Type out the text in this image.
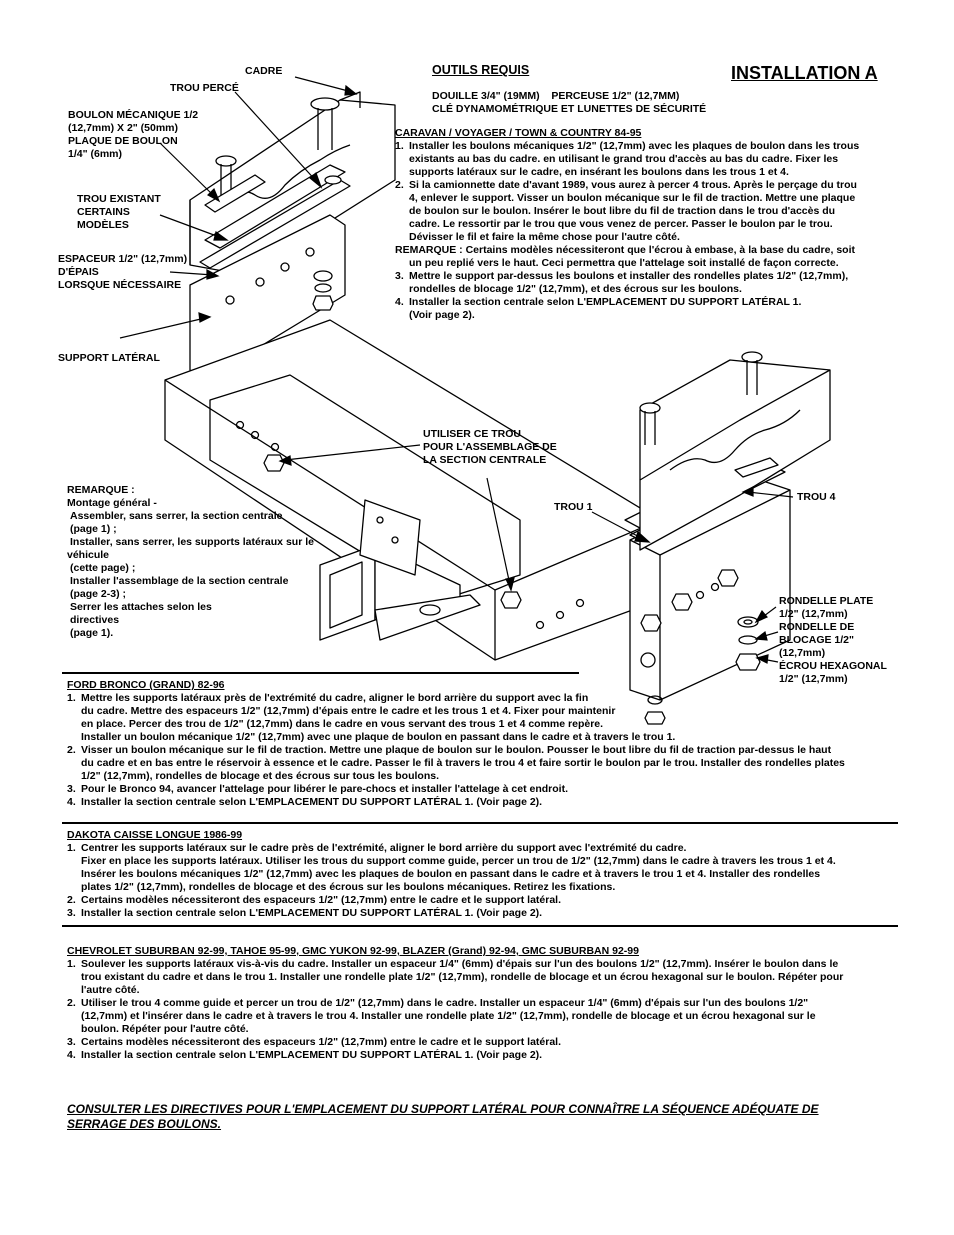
CADRE
TROU PERCÉ
BOULON MÉCANIQUE 1/2
(12,7mm) X 2" (50mm)
PLAQUE DE BOULON
1/4" (6mm)
TROU EXISTANT
CERTAINS
MODÈLES
ESPACEUR 1/2" (12,7mm)
D'ÉPAIS
LORSQUE NÉCESSAIRE
SUPPORT LATÉRAL
UTILISER CE TROU
POUR L'ASSEMBLAGE DE
LA SECTION CENTRALE
TROU 1
TROU 4
RONDELLE PLATE
1/2" (12,7mm)
RONDELLE DE
BLOCAGE 1/2"
(12,7mm)
ÉCROU HEXAGONAL
1/2" (12,7mm)
OUTILS REQUIS	INSTALLATION A
DOUILLE 3/4" (19MM)    PERCEUSE 1/2" (12,7MM)
CLÉ DYNAMOMÉTRIQUE ET LUNETTES DE SÉCURITÉ
CARAVAN / VOYAGER / TOWN & COUNTRY 84-95
1. Installer les boulons mécaniques 1/2" (12,7mm) avec les plaques de boulon dans les trous
existants au bas du cadre. en utilisant le grand trou d'accès au bas du cadre. Fixer les
supports latéraux sur le cadre, en insérant les boulons dans les trous 1 et 4.
2. Si la camionnette date d'avant 1989, vous aurez à percer 4 trous. Après le perçage du trou
4, enlever le support. Visser un boulon mécanique sur le fil de traction. Mettre une plaque
de boulon sur le boulon. Insérer le bout libre du fil de traction dans le trou d'accès du
cadre. Le ressortir par le trou que vous venez de percer. Passer le boulon par le trou.
Dévisser le fil et faire la même chose pour l'autre côté.
REMARQUE : Certains modèles nécessiteront que l'écrou à embase, à la base du cadre, soit
un peu replié vers le haut. Ceci permettra que l'attelage soit installé de façon correcte.
3. Mettre le support par-dessus les boulons et installer des rondelles plates 1/2" (12,7mm),
rondelles de blocage 1/2" (12,7mm), et des écrous sur les boulons.
4. Installer la section centrale selon L'EMPLACEMENT DU SUPPORT LATÉRAL 1.
(Voir page 2).
REMARQUE :
Montage général -
Assembler, sans serrer, la section centrale
(page 1) ;
Installer, sans serrer, les supports latéraux sur le
véhicule
(cette page) ;
Installer l'assemblage de la section centrale
(page 2-3) ;
Serrer les attaches selon les
directives
(page 1).
FORD BRONCO (GRAND) 82-96
1. Mettre les supports latéraux près de l'extrémité du cadre, aligner le bord arrière du support avec la fin
du cadre. Mettre des espaceurs 1/2" (12,7mm) d'épais entre le cadre et les trous 1 et 4. Fixer pour maintenir
en place. Percer des trou de 1/2" (12,7mm) dans le cadre en vous servant des trous 1 et 4 comme repère.
Installer un boulon mécanique 1/2" (12,7mm) avec une plaque de boulon en passant dans le cadre et à travers le trou 1.
2. Visser un boulon mécanique sur le fil de traction. Mettre une plaque de boulon sur le boulon. Pousser le bout libre du fil de traction par-dessus le haut
du cadre et en bas entre le réservoir à essence et le cadre. Passer le fil à travers le trou 4 et faire sortir le boulon par le trou. Installer des rondelles plates
1/2" (12,7mm), rondelles de blocage et des écrous sur tous les boulons.
3. Pour le Bronco 94, avancer l'attelage pour libérer le pare-chocs et installer l'attelage à cet endroit.
4. Installer la section centrale selon L'EMPLACEMENT DU SUPPORT LATÉRAL 1. (Voir page 2).
DAKOTA CAISSE LONGUE 1986-99
1. Centrer les supports latéraux sur le cadre près de l'extrémité, aligner le bord arrière du support avec l'extrémité du cadre.
Fixer en place les supports latéraux. Utiliser les trous du support comme guide, percer un trou de 1/2" (12,7mm) dans le cadre à travers les trous 1 et 4.
Insérer les boulons mécaniques 1/2" (12,7mm) avec les plaques de boulon en passant dans le cadre et à travers le trou 1 et 4. Installer des rondelles
plates 1/2" (12,7mm), rondelles de blocage et des écrous sur les boulons mécaniques. Retirez les fixations.
2. Certains modèles nécessiteront des espaceurs 1/2" (12,7mm) entre le cadre et le support latéral.
3. Installer la section centrale selon L'EMPLACEMENT DU SUPPORT LATÉRAL 1. (Voir page 2).
CHEVROLET SUBURBAN 92-99, TAHOE 95-99, GMC YUKON 92-99, BLAZER (Grand) 92-94, GMC SUBURBAN 92-99
1. Soulever les supports latéraux vis-à-vis du cadre. Installer un espaceur 1/4" (6mm) d'épais sur l'un des boulons 1/2" (12,7mm). Insérer le boulon dans le
trou existant du cadre et dans le trou 1. Installer une rondelle plate 1/2" (12,7mm), rondelle de blocage et un écrou hexagonal sur le boulon. Répéter pour
l'autre côté.
2. Utiliser le trou 4 comme guide et percer un trou de 1/2" (12,7mm) dans le cadre. Installer un espaceur 1/4" (6mm) d'épais sur l'un des boulons 1/2"
(12,7mm) et l'insérer dans le cadre et à travers le trou 4. Installer une rondelle plate 1/2" (12,7mm), rondelle de blocage et un écrou hexagonal sur le
boulon. Répéter pour l'autre côté.
3. Certains modèles nécessiteront des espaceurs 1/2" (12,7mm) entre le cadre et le support latéral.
4. Installer la section centrale selon L'EMPLACEMENT DU SUPPORT LATÉRAL 1. (Voir page 2).
CONSULTER LES DIRECTIVES POUR L'EMPLACEMENT DU SUPPORT LATÉRAL POUR CONNAÎTRE LA SÉQUENCE ADÉQUATE DE
SERRAGE DES BOULONS.
